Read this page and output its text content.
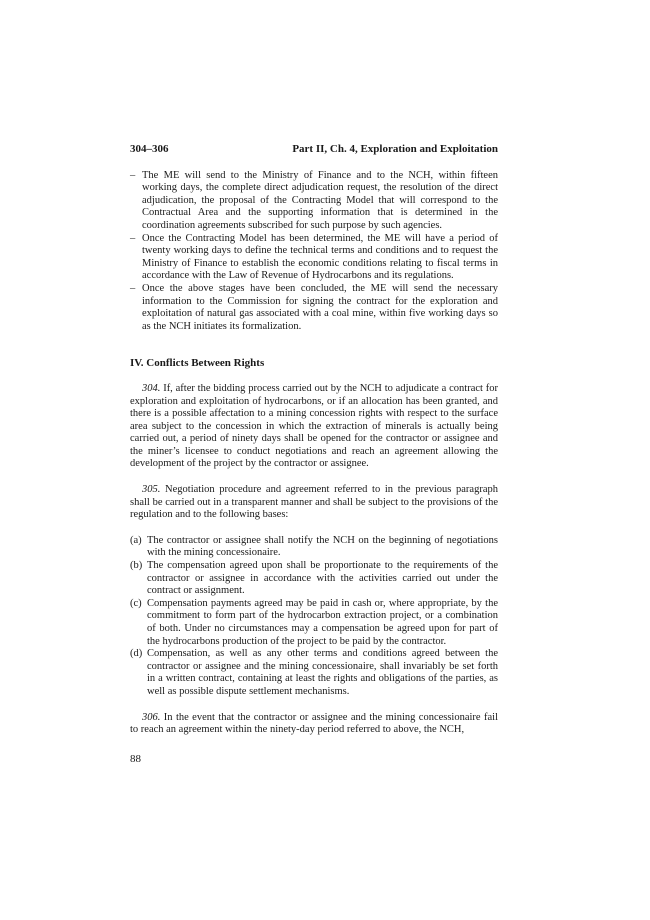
304–306	Part II, Ch. 4, Exploration and Exploitation
– The ME will send to the Ministry of Finance and to the NCH, within fifteen working days, the complete direct adjudication request, the resolution of the direct adjudication, the proposal of the Contracting Model that will correspond to the Contractual Area and the supporting information that is determined in the coordination agreements subscribed for such purpose by such agencies.
– Once the Contracting Model has been determined, the ME will have a period of twenty working days to define the technical terms and conditions and to request the Ministry of Finance to establish the economic conditions relating to fiscal terms in accordance with the Law of Revenue of Hydrocarbons and its regulations.
– Once the above stages have been concluded, the ME will send the necessary information to the Commission for signing the contract for the exploration and exploitation of natural gas associated with a coal mine, within five working days so as the NCH initiates its formalization.
IV. Conflicts Between Rights

304. If, after the bidding process carried out by the NCH to adjudicate a contract for exploration and exploitation of hydrocarbons, or if an allocation has been granted, and there is a possible affectation to a mining concession rights with respect to the surface area subject to the concession in which the extraction of minerals is actually being carried out, a period of ninety days shall be opened for the contractor or assignee and the miner’s licensee to conduct negotiations and reach an agreement allowing the development of the project by the contractor or assignee.

305. Negotiation procedure and agreement referred to in the previous paragraph shall be carried out in a transparent manner and shall be subject to the provisions of the regulation and to the following bases:

(a) The contractor or assignee shall notify the NCH on the beginning of negotiations with the mining concessionaire.
(b) The compensation agreed upon shall be proportionate to the requirements of the contractor or assignee in accordance with the activities carried out under the contract or assignment.
(c) Compensation payments agreed may be paid in cash or, where appropriate, by the commitment to form part of the hydrocarbon extraction project, or a combination of both. Under no circumstances may a compensation be agreed upon for part of the hydrocarbons production of the project to be paid by the contractor.
(d) Compensation, as well as any other terms and conditions agreed between the contractor or assignee and the mining concessionaire, shall invariably be set forth in a written contract, containing at least the rights and obligations of the parties, as well as possible dispute settlement mechanisms.

306. In the event that the contractor or assignee and the mining concessionaire fail to reach an agreement within the ninety-day period referred to above, the NCH,

88
